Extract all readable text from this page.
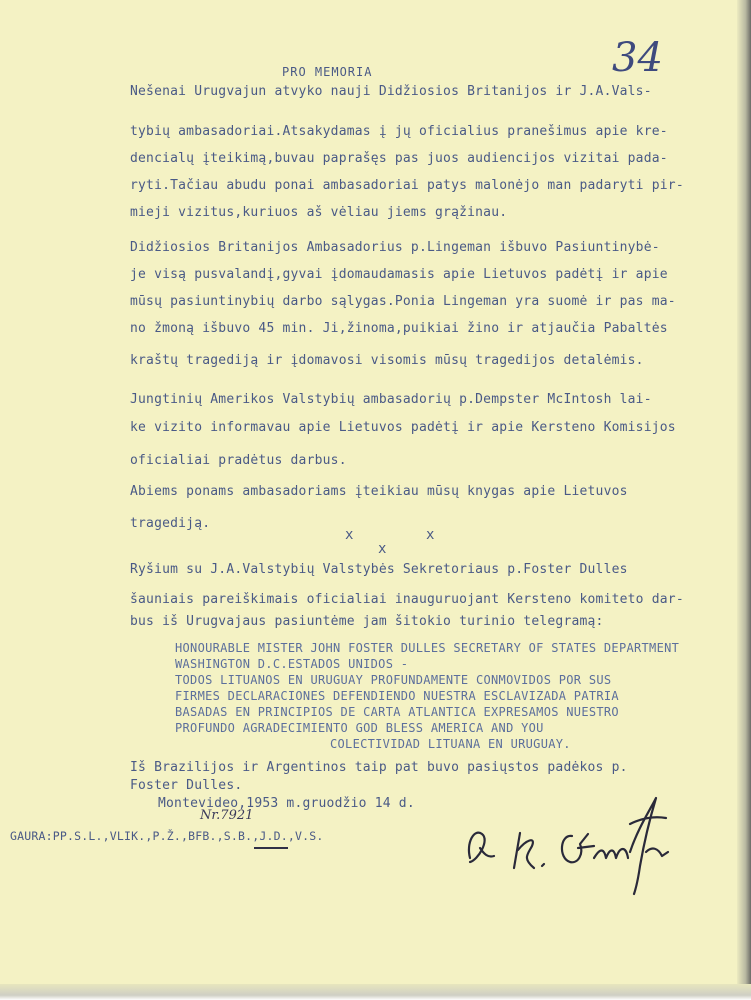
34
PRO MEMORIA
Nešenai Urugvajun atvyko nauji Didžiosios Britanijos ir J.A.Vals-
tybių ambasadoriai.Atsakydamas į jų oficialius pranešimus apie kre-
dencialų įteikimą,buvau paprašęs pas juos audiencijos vizitai pada-
ryti.Tačiau abudu ponai ambasadoriai patys malonėjo man padaryti pir-
mieji vizitus,kuriuos aš vėliau jiems grąžinau.
Didžiosios Britanijos Ambasadorius p.Lingeman išbuvo Pasiuntinybė-
je visą pusvalandį,gyvai įdomaudamasis apie Lietuvos padėtį ir apie
mūsų pasiuntinybių darbo sąlygas.Ponia Lingeman yra suomė ir pas ma-
no žmoną išbuvo 45 min. Ji,žinoma,puikiai žino ir atjaučia Pabaltės
kraštų tragediją ir įdomavosi visomis mūsų tragedijos detalėmis.
Jungtinių Amerikos Valstybių ambasadorių p.Dempster McIntosh lai-
ke vizito informavau apie Lietuvos padėtį ir apie Kersteno Komisijos
oficialiai pradėtus darbus.
Abiems ponams ambasadoriams įteikiau mūsų knygas apie Lietuvos
tragediją.
x	x
x
Ryšium su J.A.Valstybių Valstybės Sekretoriaus p.Foster Dulles
šauniais pareiškimais oficialiai inauguruojant Kersteno komiteto dar-
bus iš Urugvajaus pasiuntėme jam šitokio turinio telegramą:
HONOURABLE MISTER JOHN FOSTER DULLES SECRETARY OF STATES DEPARTMENT
WASHINGTON D.C.ESTADOS UNIDOS -
TODOS LITUANOS EN URUGUAY PROFUNDAMENTE CONMOVIDOS POR SUS
FIRMES DECLARACIONES DEFENDIENDO NUESTRA ESCLAVIZADA PATRIA
BASADAS EN PRINCIPIOS DE CARTA ATLANTICA EXPRESAMOS NUESTRO
PROFUNDO AGRADECIMIENTO GOD BLESS AMERICA AND YOU
COLECTIVIDAD LITUANA EN URUGUAY.
Iš Brazilijos ir Argentinos taip pat buvo pasiųstos padėkos p.
Foster Dulles.
Montevideo,1953 m.gruodžio 14 d.
Nr.7921
GAURA:PP.S.L.,VLIK.,P.Ž.,BFB.,S.B.,J.D.,V.S.
